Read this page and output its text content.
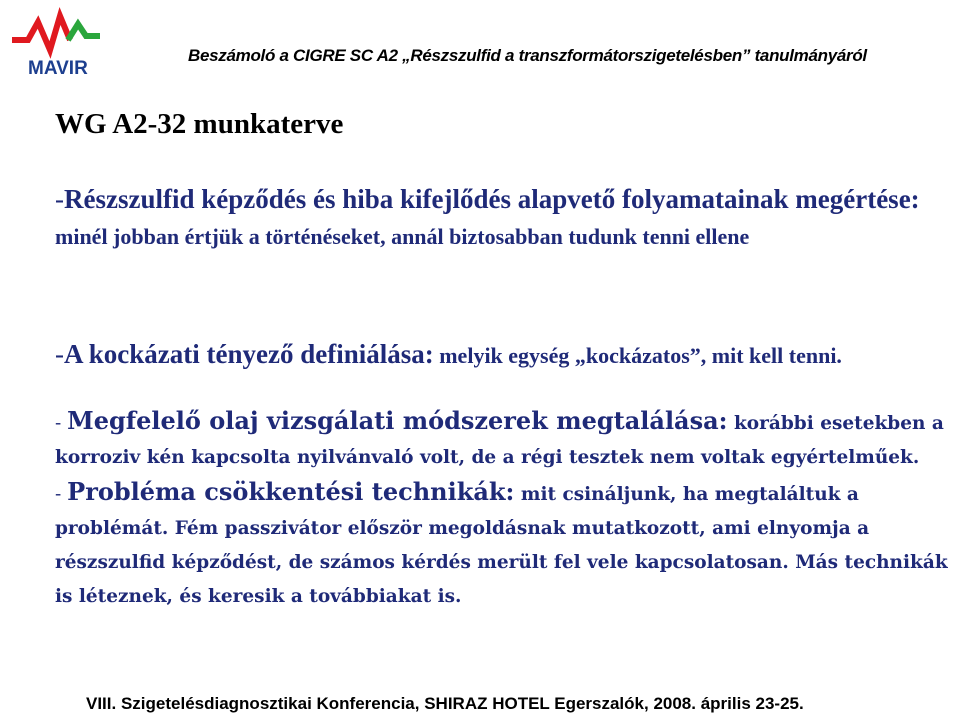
MAVIR
Beszámoló a CIGRE SC A2 „Részszulfid a transzformátorszigetelésben” tanulmányáról
WG A2-32 munkaterve
-Részszulfid képződés és hiba kifejlődés alapvető folyamatainak megértése: minél jobban értjük a történéseket, annál biztosabban tudunk tenni ellene
-A kockázati tényező definiálása: melyik egység „kockázatos”, mit kell tenni.
- Megfelelő olaj vizsgálati módszerek megtalálása: korábbi esetekben a korroziv kén kapcsolta nyilvánvaló volt, de a régi tesztek nem voltak egyértelműek.
- Probléma csökkentési technikák: mit csináljunk, ha megtaláltuk a problémát. Fém passzivátor először megoldásnak mutatkozott, ami elnyomja a részszulfid képződést, de számos kérdés merült fel vele kapcsolatosan. Más technikák is léteznek, és keresik a továbbiakat is.
VIII. Szigetelésdiagnosztikai Konferencia, SHIRAZ HOTEL Egerszalók, 2008. április 23-25.
